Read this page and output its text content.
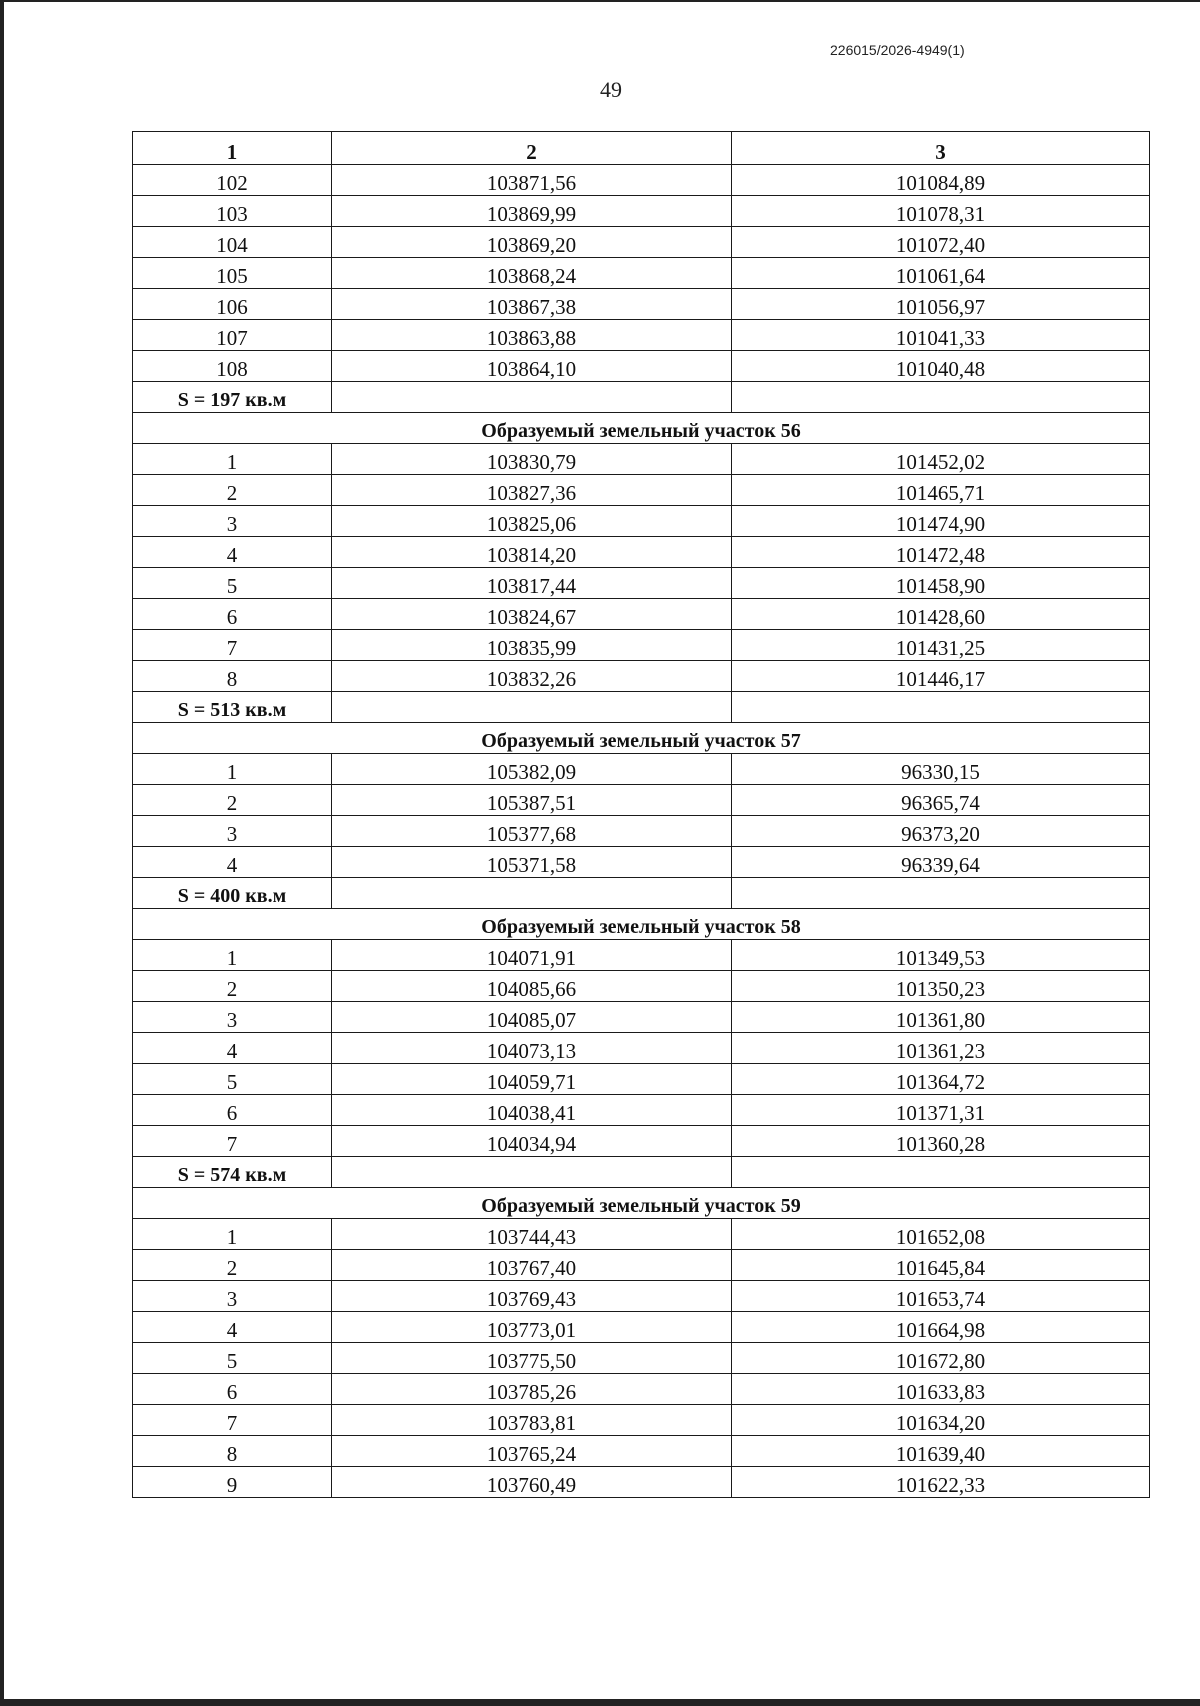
226015/2026-4949(1)
49
1	2	3
102	103871,56	101084,89
103	103869,99	101078,31
104	103869,20	101072,40
105	103868,24	101061,64
106	103867,38	101056,97
107	103863,88	101041,33
108	103864,10	101040,48
S = 197 кв.м		
Образуемый земельный участок 56		
1	103830,79	101452,02
2	103827,36	101465,71
3	103825,06	101474,90
4	103814,20	101472,48
5	103817,44	101458,90
6	103824,67	101428,60
7	103835,99	101431,25
8	103832,26	101446,17
S = 513 кв.м		
Образуемый земельный участок 57		
1	105382,09	96330,15
2	105387,51	96365,74
3	105377,68	96373,20
4	105371,58	96339,64
S = 400 кв.м		
Образуемый земельный участок 58		
1	104071,91	101349,53
2	104085,66	101350,23
3	104085,07	101361,80
4	104073,13	101361,23
5	104059,71	101364,72
6	104038,41	101371,31
7	104034,94	101360,28
S = 574 кв.м		
Образуемый земельный участок 59		
1	103744,43	101652,08
2	103767,40	101645,84
3	103769,43	101653,74
4	103773,01	101664,98
5	103775,50	101672,80
6	103785,26	101633,83
7	103783,81	101634,20
8	103765,24	101639,40
9	103760,49	101622,33
